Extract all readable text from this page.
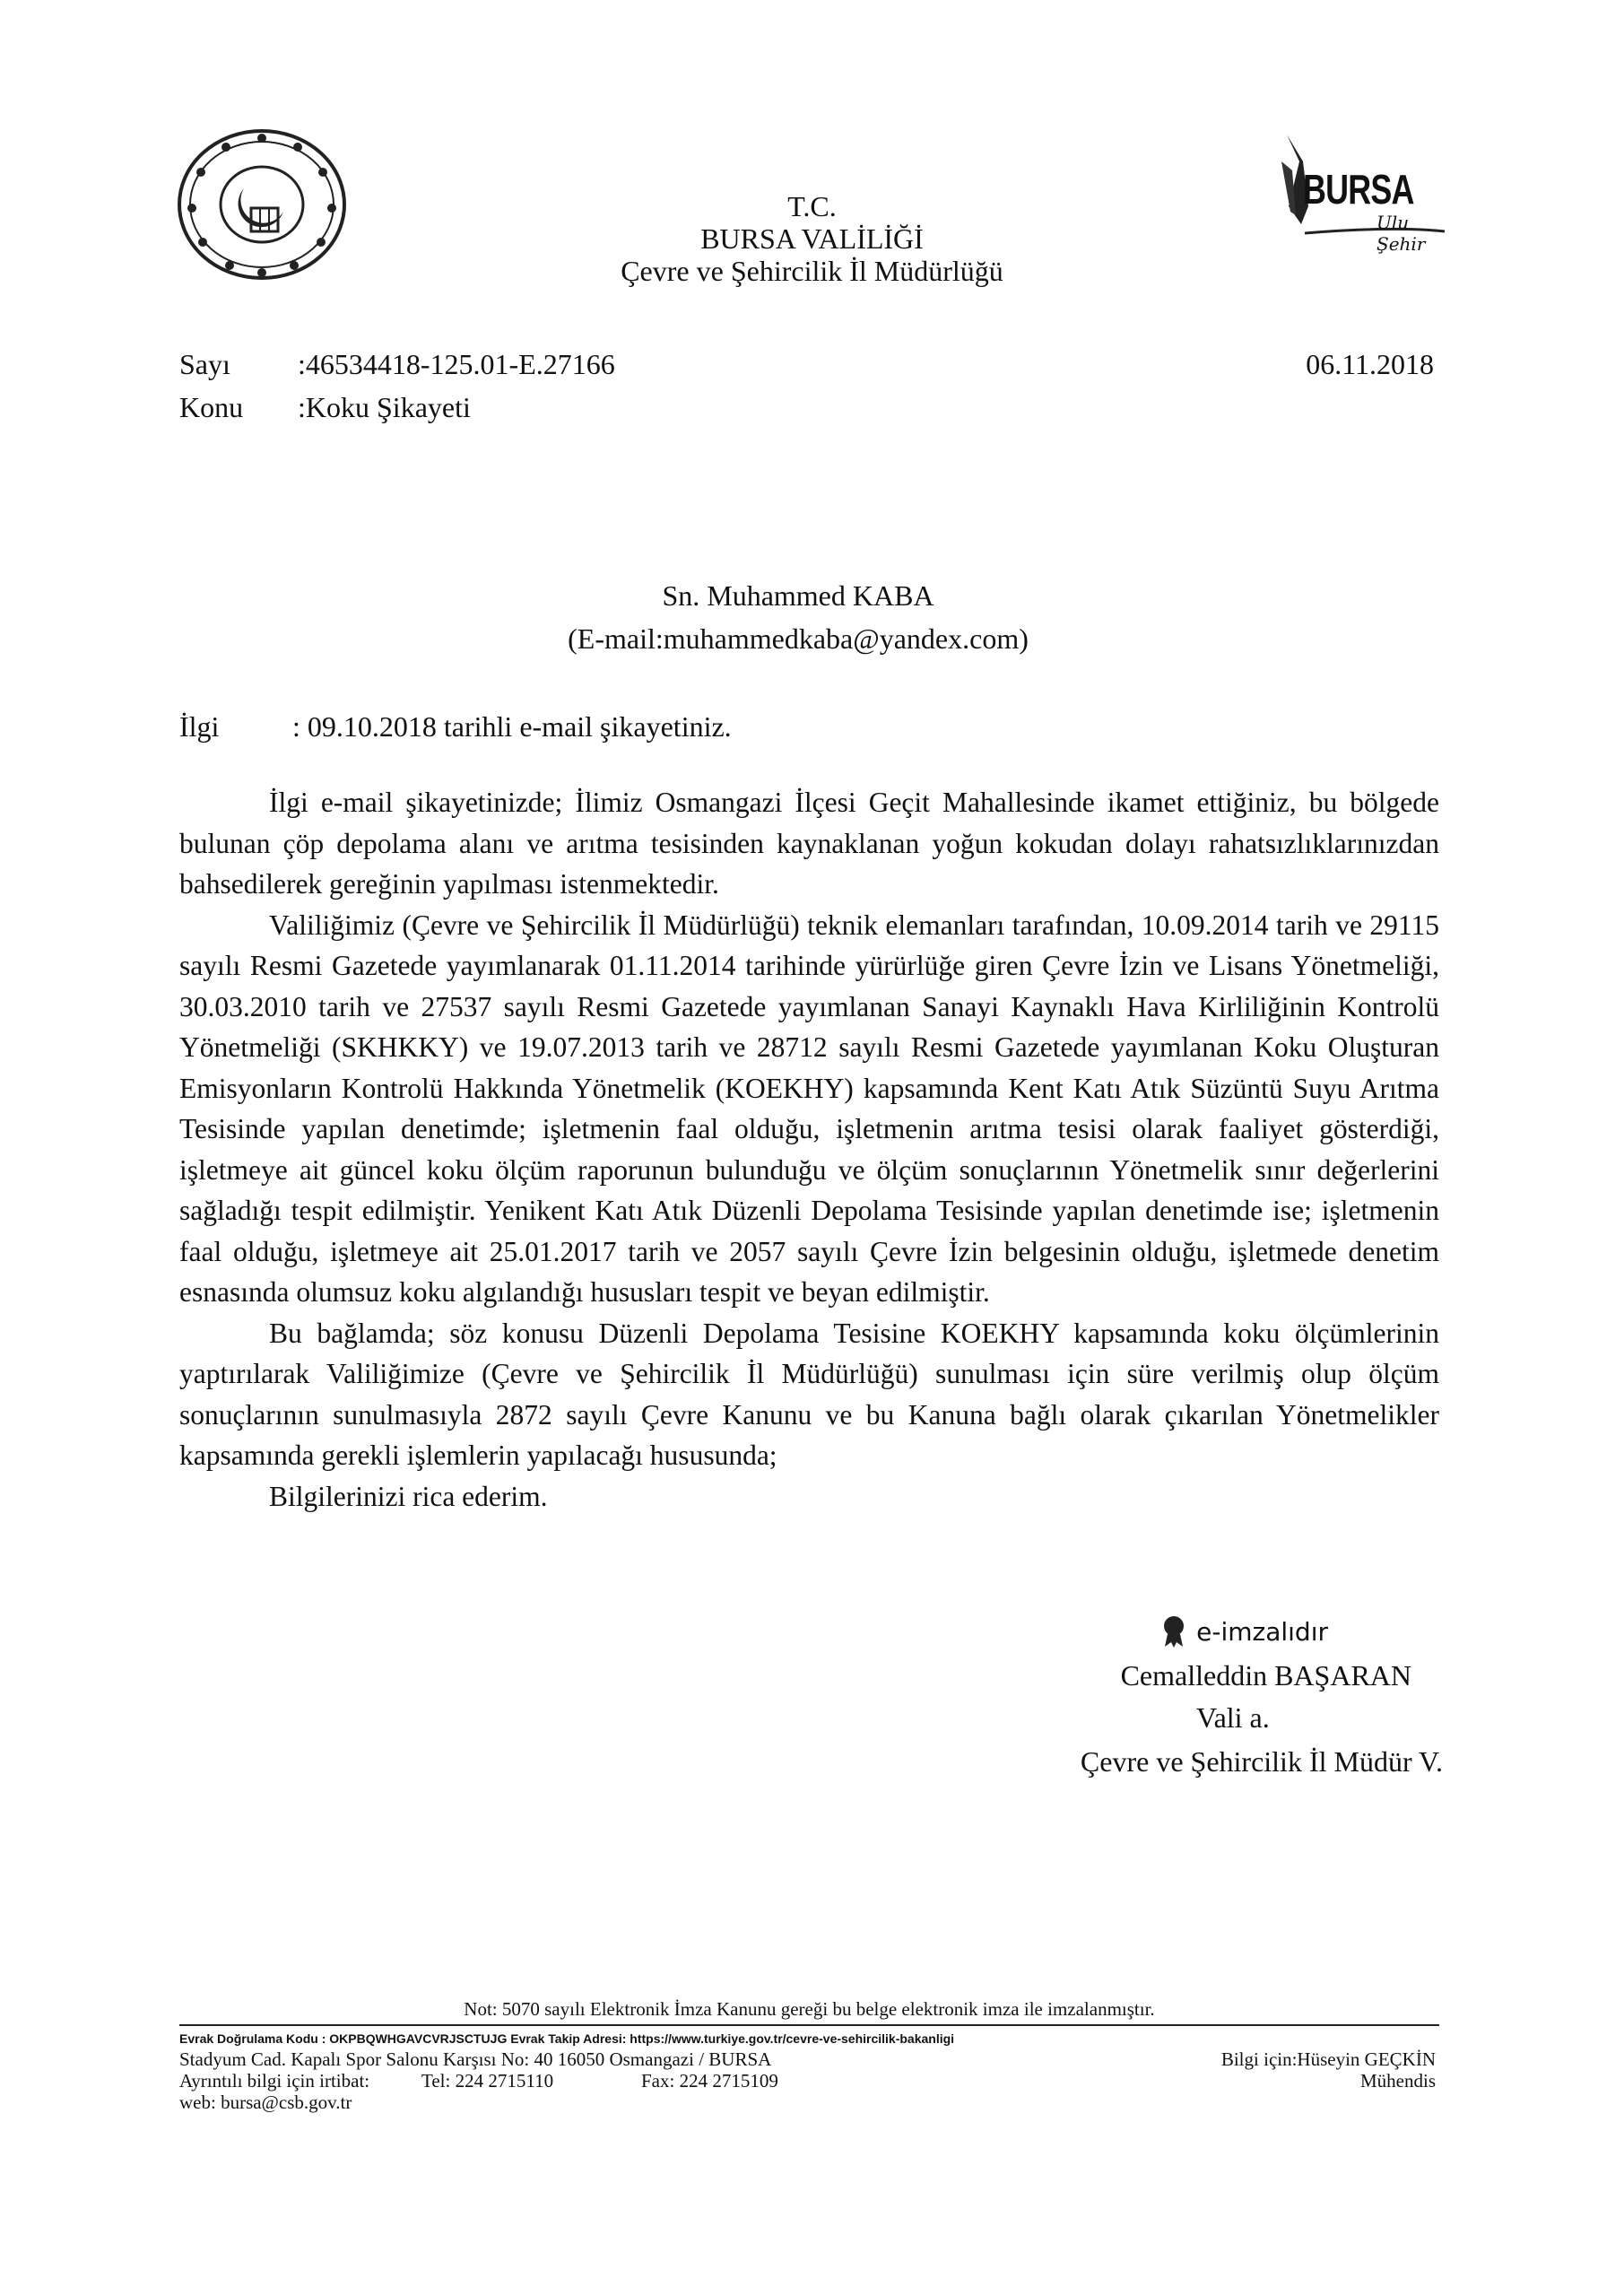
BURSA
Ulu Şehir
T.C.
BURSA VALİLİĞİ
Çevre ve Şehircilik İl Müdürlüğü
Sayı	:46534418-125.01-E.27166	06.11.2018
Konu	:Koku Şikayeti
Sn. Muhammed KABA
(E-mail:muhammedkaba@yandex.com)
İlgi	: 09.10.2018 tarihli e-mail şikayetiniz.

İlgi e-mail şikayetinizde; İlimiz Osmangazi İlçesi Geçit Mahallesinde ikamet ettiğiniz, bu bölgede bulunan çöp depolama alanı ve arıtma tesisinden kaynaklanan yoğun kokudan dolayı rahatsızlıklarınızdan bahsedilerek gereğinin yapılması istenmektedir.

Valiliğimiz (Çevre ve Şehircilik İl Müdürlüğü) teknik elemanları tarafından, 10.09.2014 tarih ve 29115 sayılı Resmi Gazetede yayımlanarak 01.11.2014 tarihinde yürürlüğe giren Çevre İzin ve Lisans Yönetmeliği, 30.03.2010 tarih ve 27537 sayılı Resmi Gazetede yayımlanan Sanayi Kaynaklı Hava Kirliliğinin Kontrolü Yönetmeliği (SKHKKY) ve 19.07.2013 tarih ve 28712 sayılı Resmi Gazetede yayımlanan Koku Oluşturan Emisyonların Kontrolü Hakkında Yönetmelik (KOEKHY) kapsamında Kent Katı Atık Süzüntü Suyu Arıtma Tesisinde yapılan denetimde; işletmenin faal olduğu, işletmenin arıtma tesisi olarak faaliyet gösterdiği, işletmeye ait güncel koku ölçüm raporunun bulunduğu ve ölçüm sonuçlarının Yönetmelik sınır değerlerini sağladığı tespit edilmiştir. Yenikent Katı Atık Düzenli Depolama Tesisinde yapılan denetimde ise; işletmenin faal olduğu, işletmeye ait 25.01.2017 tarih ve 2057 sayılı Çevre İzin belgesinin olduğu, işletmede denetim esnasında olumsuz koku algılandığı hususları tespit ve beyan edilmiştir.

Bu bağlamda; söz konusu Düzenli Depolama Tesisine KOEKHY kapsamında koku ölçümlerinin yaptırılarak Valiliğimize (Çevre ve Şehircilik İl Müdürlüğü) sunulması için süre verilmiş olup ölçüm sonuçlarının sunulmasıyla 2872 sayılı Çevre Kanunu ve bu Kanuna bağlı olarak çıkarılan Yönetmelikler kapsamında gerekli işlemlerin yapılacağı hususunda;

Bilgilerinizi rica ederim.

e-imzalıdır
Cemalleddin BAŞARAN
Vali a.
Çevre ve Şehircilik İl Müdür V.
Not: 5070 sayılı Elektronik İmza Kanunu gereği bu belge elektronik imza ile imzalanmıştır.
Evrak Doğrulama Kodu : OKPBQWHGAVCVRJSCTUJG Evrak Takip Adresi: https://www.turkiye.gov.tr/cevre-ve-sehircilik-bakanligi
Stadyum Cad. Kapalı Spor Salonu Karşısı No: 40 16050 Osmangazi / BURSA	Bilgi için:Hüseyin GEÇKİN
Ayrıntılı bilgi için irtibat:	Tel: 224 2715110	Fax: 224 2715109	Mühendis
web: bursa@csb.gov.tr
